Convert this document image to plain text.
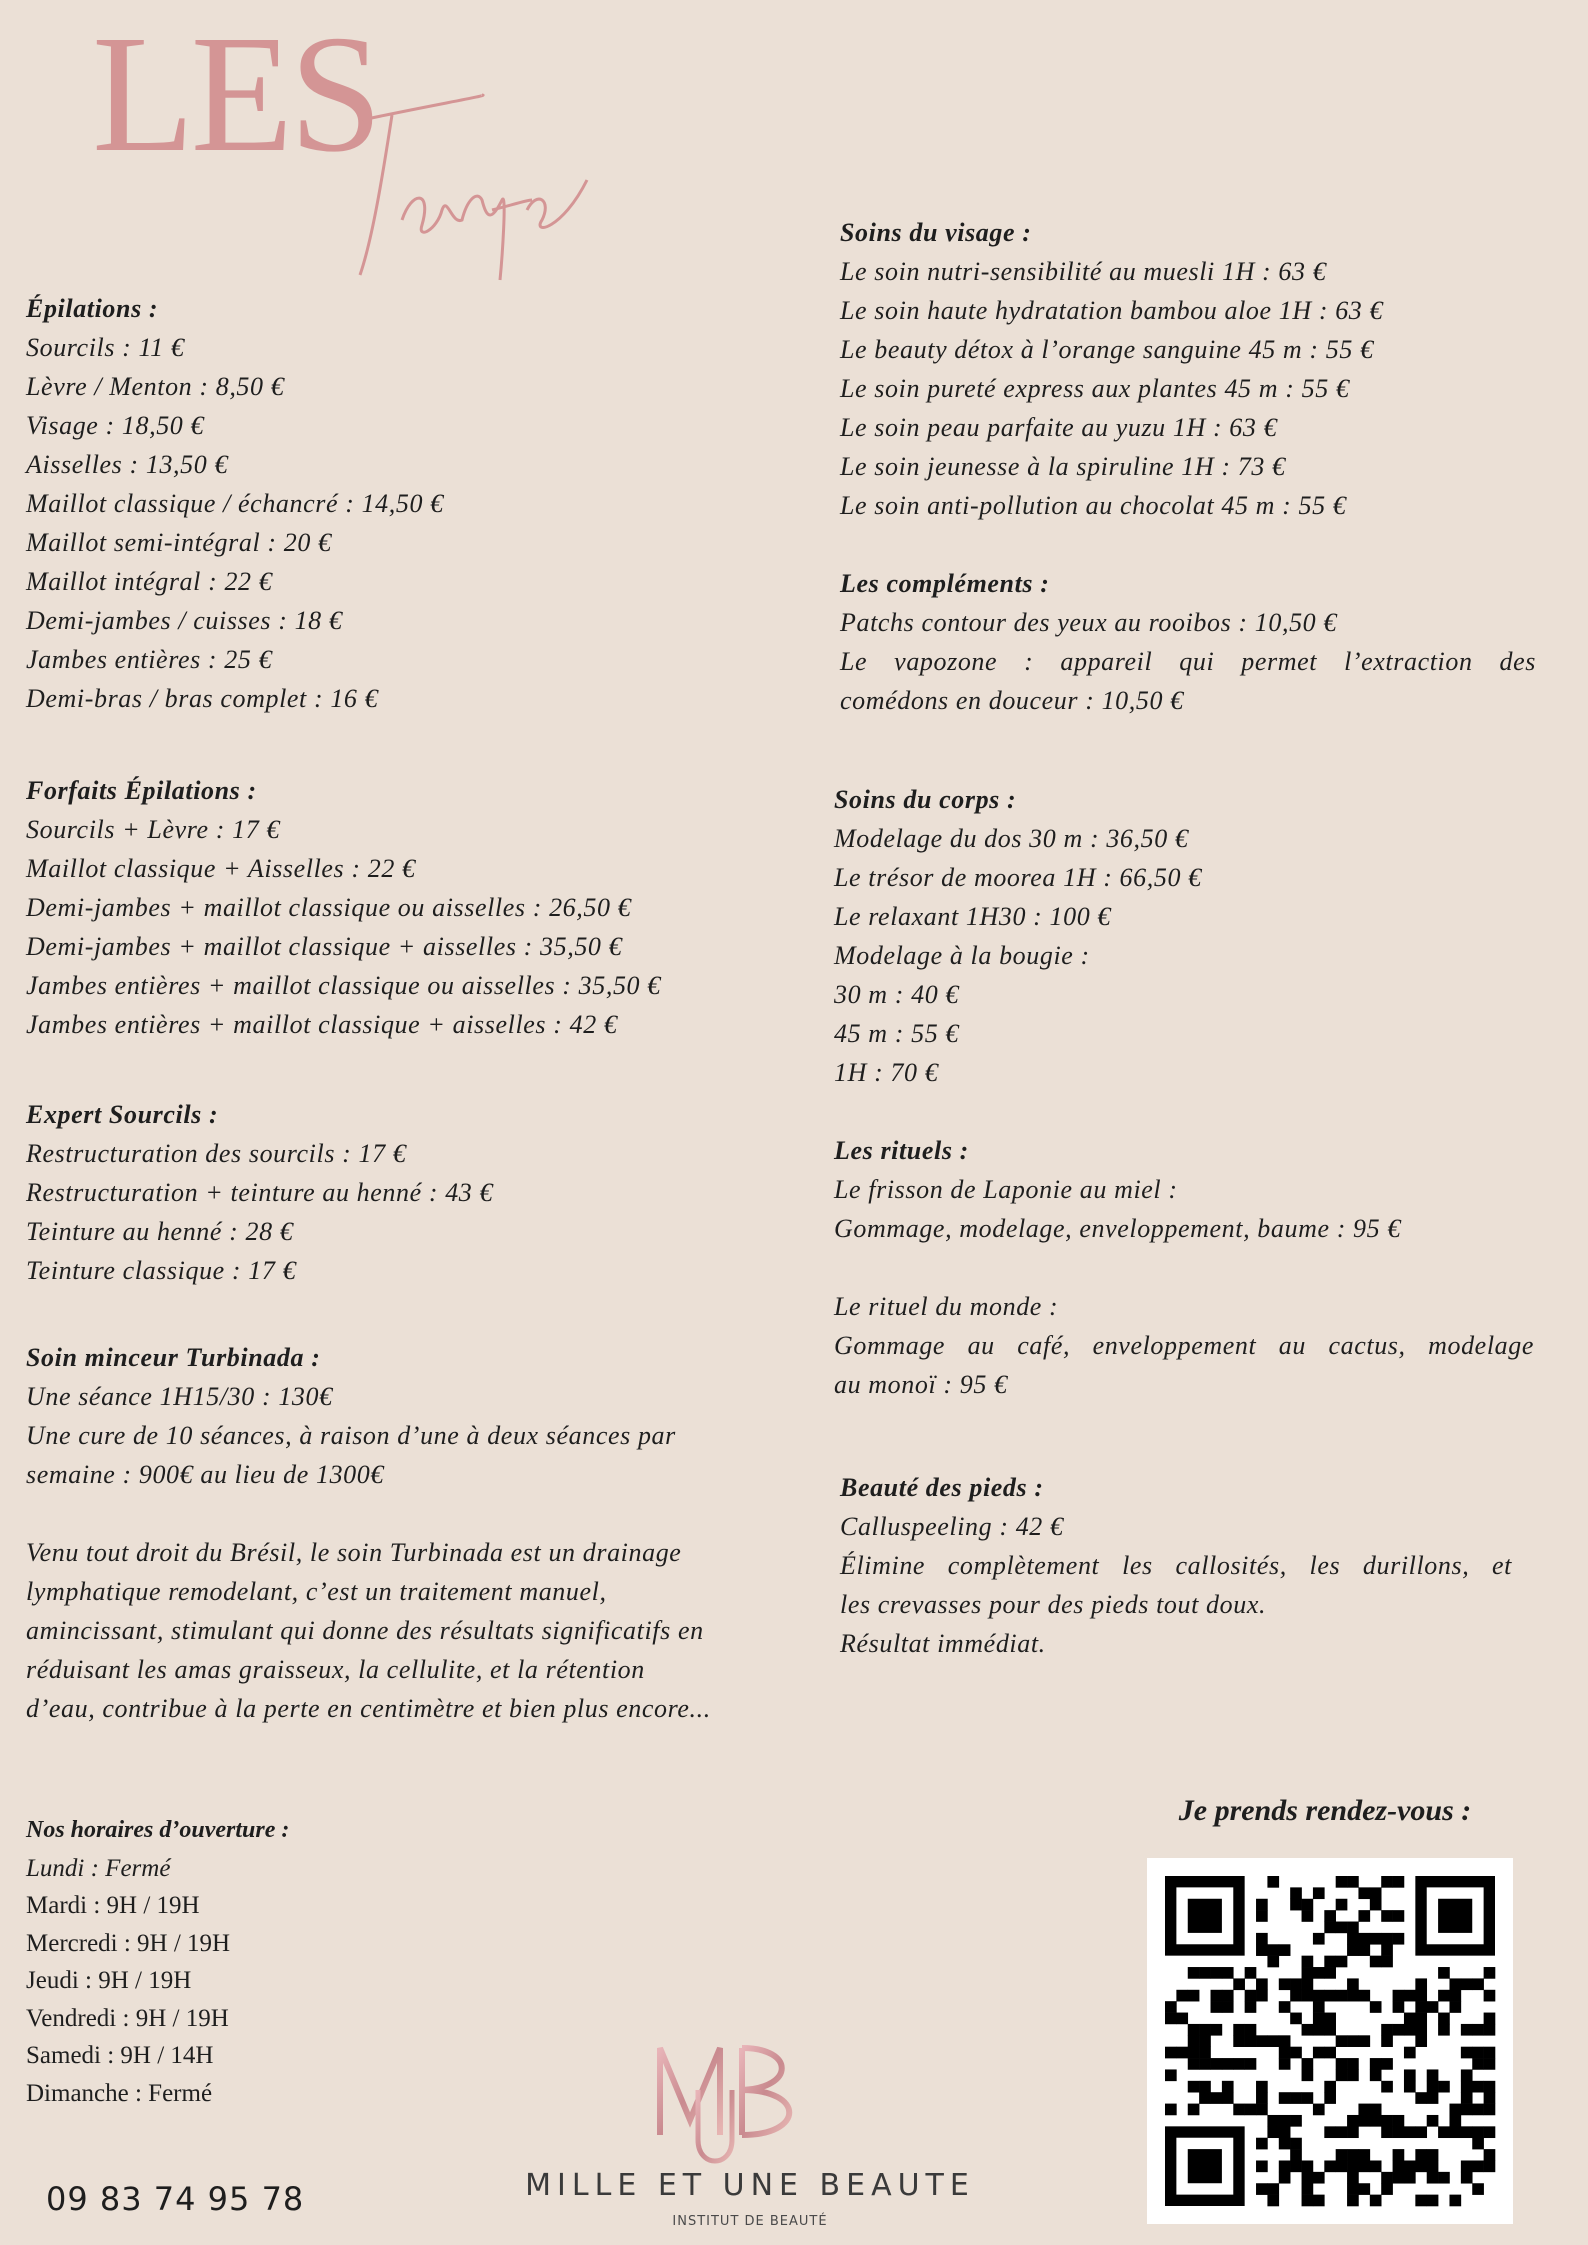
LES
Tarifs
Épilations :
Sourcils : 11 €
Lèvre / Menton : 8,50 €
Visage : 18,50 €
Aisselles : 13,50 €
Maillot classique / échancré : 14,50 €
Maillot semi-intégral : 20 €
Maillot intégral : 22 €
Demi-jambes / cuisses : 18 €
Jambes entières : 25 €
Demi-bras / bras complet : 16 €
Forfaits Épilations :
Sourcils + Lèvre : 17 €
Maillot classique + Aisselles : 22 €
Demi-jambes + maillot classique ou aisselles : 26,50 €
Demi-jambes + maillot classique + aisselles : 35,50 €
Jambes entières + maillot classique ou aisselles : 35,50 €
Jambes entières + maillot classique + aisselles : 42 €
Expert Sourcils :
Restructuration des sourcils : 17 €
Restructuration + teinture au henné : 43 €
Teinture au henné : 28 €
Teinture classique : 17 €
Soin minceur Turbinada :
Une séance 1H15/30 : 130€
Une cure de 10 séances, à raison d’une à deux séances par
semaine : 900€ au lieu de 1300€
Venu tout droit du Brésil, le soin Turbinada est un drainage
lymphatique remodelant, c’est un traitement manuel,
amincissant, stimulant qui donne des résultats significatifs en
réduisant les amas graisseux, la cellulite, et la rétention
d’eau, contribue à la perte en centimètre et bien plus encore...
Soins du visage :
Le soin nutri-sensibilité au muesli 1H : 63 €
Le soin haute hydratation bambou aloe 1H : 63 €
Le beauty détox à l’orange sanguine 45 m : 55 €
Le soin pureté express aux plantes 45 m : 55 €
Le soin peau parfaite au yuzu 1H : 63 €
Le soin jeunesse à la spiruline 1H : 73 €
Le soin anti-pollution au chocolat 45 m : 55 €
Les compléments :
Patchs contour des yeux au rooibos : 10,50 €
Le vapozone : appareil qui permet l’extraction des
comédons en douceur : 10,50 €
Soins du corps :
Modelage du dos 30 m : 36,50 €
Le trésor de moorea 1H : 66,50 €
Le relaxant 1H30 : 100 €
Modelage à la bougie :
30 m : 40 €
45 m : 55 €
1H : 70 €
Les rituels :
Le frisson de Laponie au miel :
Gommage, modelage, enveloppement, baume : 95 €
Le rituel du monde :
Gommage au café, enveloppement au cactus, modelage
au monoï : 95 €
Beauté des pieds :
Calluspeeling : 42 €
Élimine complètement les callosités, les durillons, et
les crevasses pour des pieds tout doux.
Résultat immédiat.
Nos horaires d’ouverture :
Lundi : Fermé
Mardi : 9H / 19H
Mercredi : 9H / 19H
Jeudi : 9H / 19H
Vendredi : 9H / 19H
Samedi : 9H / 14H
Dimanche : Fermé
09 83 74 95 78
Je prends rendez-vous :
MUB
MILLE ET UNE BEAUTE
INSTITUT DE BEAUTÉ
